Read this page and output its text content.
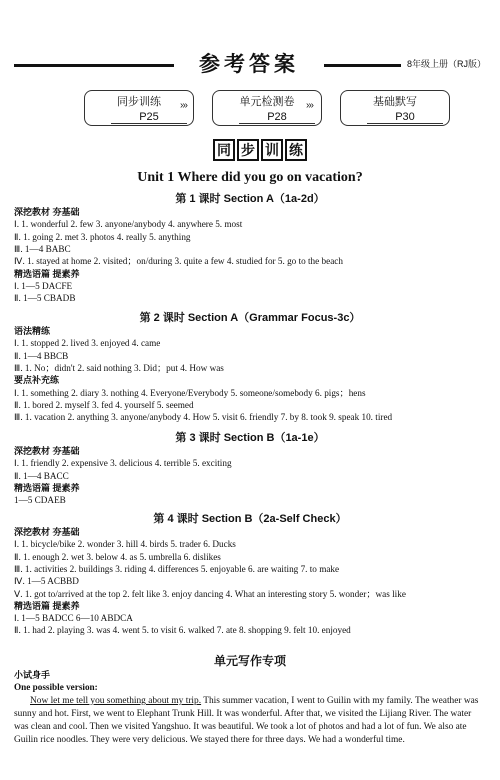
参考答案	8年级上册（RJ版）
同步训练
P25
›››	单元检测卷
P28
›››	基础默写
P30
同 步 训 练
Unit 1 Where did you go on vacation?
第 1 课时 Section A（1a-2d）
深挖教材 夯基础
Ⅰ. 1. wonderful 2. few 3. anyone/anybody 4. anywhere 5. most
Ⅱ. 1. going 2. met 3. photos 4. really 5. anything
Ⅲ. 1—4 BABC
Ⅳ. 1. stayed at home 2. visited；on/during 3. quite a few 4. studied for 5. go to the beach
精选语篇 提素养
Ⅰ. 1—5 DACFE
Ⅱ. 1—5 CBADB
第 2 课时 Section A（Grammar Focus-3c）
语法精练
Ⅰ. 1. stopped 2. lived 3. enjoyed 4. came
Ⅱ. 1—4 BBCB
Ⅲ. 1. No；didn't 2. said nothing 3. Did；put 4. How was
要点补充练
Ⅰ. 1. something 2. diary 3. nothing 4. Everyone/Everybody 5. someone/somebody 6. pigs；hens
Ⅱ. 1. bored 2. myself 3. fed 4. yourself 5. seemed
Ⅲ. 1. vacation 2. anything 3. anyone/anybody 4. How 5. visit 6. friendly 7. by 8. took 9. speak 10. tired
第 3 课时 Section B（1a-1e）
深挖教材 夯基础
Ⅰ. 1. friendly 2. expensive 3. delicious 4. terrible 5. exciting
Ⅱ. 1—4 BACC
精选语篇 提素养
1—5 CDAEB
第 4 课时 Section B（2a-Self Check）
深挖教材 夯基础
Ⅰ. 1. bicycle/bike 2. wonder 3. hill 4. birds 5. trader 6. Ducks
Ⅱ. 1. enough 2. wet 3. below 4. as 5. umbrella 6. dislikes
Ⅲ. 1. activities 2. buildings 3. riding 4. differences 5. enjoyable 6. are waiting 7. to make
Ⅳ. 1—5 ACBBD
Ⅴ. 1. got to/arrived at the top 2. felt like 3. enjoy dancing 4. What an interesting story 5. wonder；was like
精选语篇 提素养
Ⅰ. 1—5 BADCC 6—10 ABDCA
Ⅱ. 1. had 2. playing 3. was 4. went 5. to visit 6. walked 7. ate 8. shopping 9. felt 10. enjoyed
单元写作专项
小试身手
One possible version:
Now let me tell you something about my trip. This summer vacation, I went to Guilin with my family. The weather was
sunny and hot. First, we went to Elephant Trunk Hill. It was wonderful. After that, we visited the Lijiang River. The water
was clean and cool. Then we visited Yangshuo. It was beautiful. We took a lot of photos and had a lot of fun. We also ate
Guilin rice noodles. They were very delicious. We stayed there for three days. We had a wonderful time.
